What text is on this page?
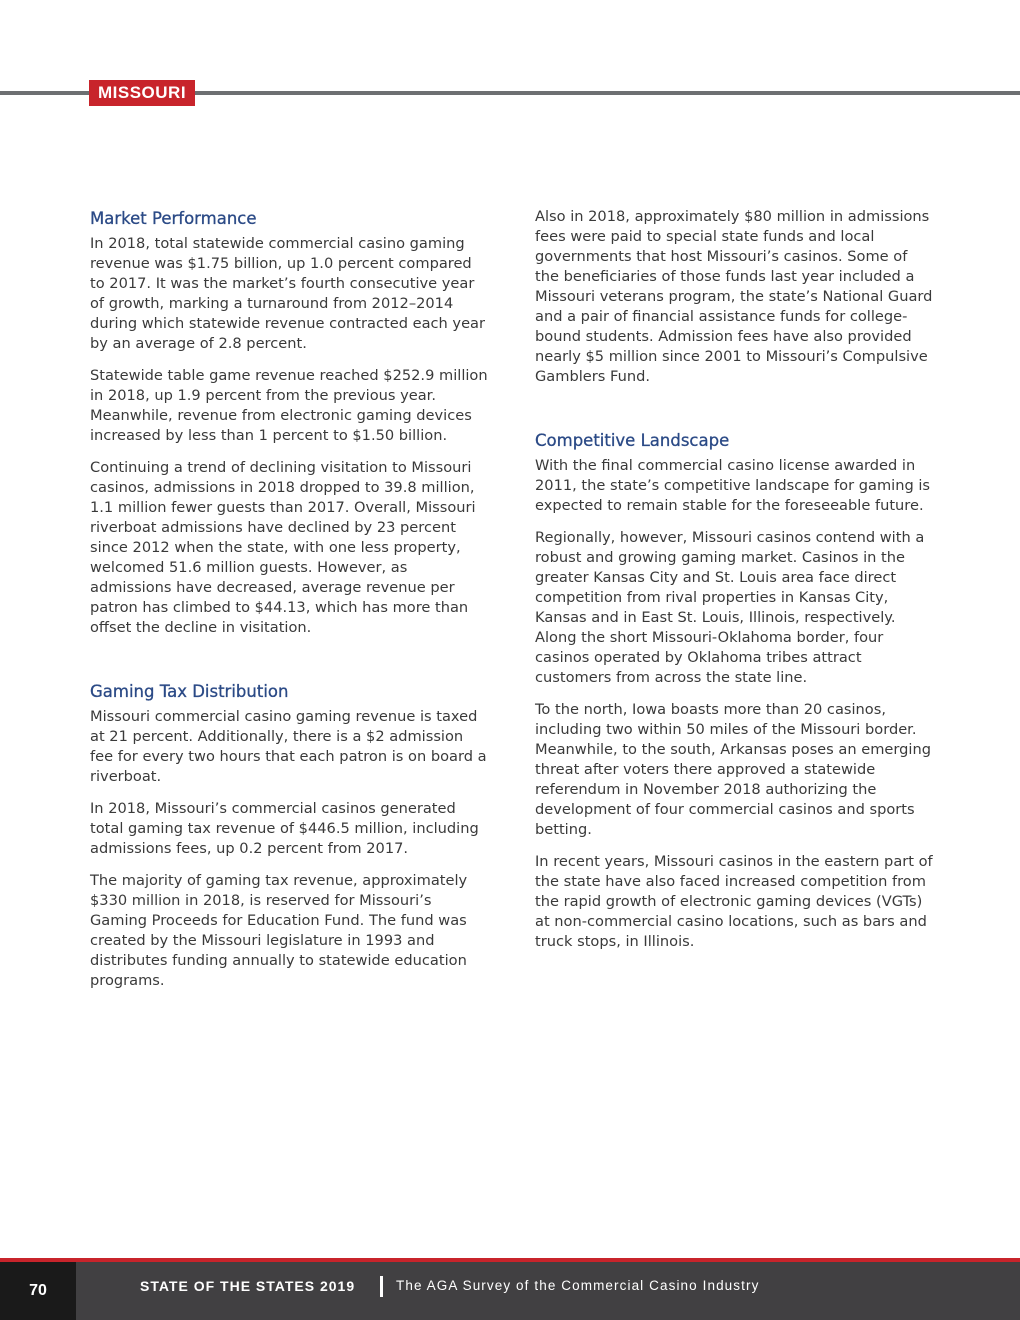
MISSOURI
Market Performance

In 2018, total statewide commercial casino gaming revenue was $1.75 billion, up 1.0 percent compared to 2017. It was the market’s fourth consecutive year of growth, marking a turnaround from 2012–2014 during which statewide revenue contracted each year by an average of 2.8 percent.

Statewide table game revenue reached $252.9 million in 2018, up 1.9 percent from the previous year. Meanwhile, revenue from electronic gaming devices increased by less than 1 percent to $1.50 billion.

Continuing a trend of declining visitation to Missouri casinos, admissions in 2018 dropped to 39.8 million, 1.1 million fewer guests than 2017. Overall, Missouri riverboat admissions have declined by 23 percent since 2012 when the state, with one less property, welcomed 51.6 million guests. However, as admissions have decreased, average revenue per patron has climbed to $44.13, which has more than offset the decline in visitation.

Gaming Tax Distribution

Missouri commercial casino gaming revenue is taxed at 21 percent. Additionally, there is a $2 admission fee for every two hours that each patron is on board a riverboat.

In 2018, Missouri’s commercial casinos generated total gaming tax revenue of $446.5 million, including admissions fees, up 0.2 percent from 2017.

The majority of gaming tax revenue, approximately $330 million in 2018, is reserved for Missouri’s Gaming Proceeds for Education Fund. The fund was created by the Missouri legislature in 1993 and distributes funding annually to statewide education programs.

Also in 2018, approximately $80 million in admissions fees were paid to special state funds and local governments that host Missouri’s casinos. Some of the beneficiaries of those funds last year included a Missouri veterans program, the state’s National Guard and a pair of financial assistance funds for college-bound students. Admission fees have also provided nearly $5 million since 2001 to Missouri’s Compulsive Gamblers Fund.

Competitive Landscape

With the final commercial casino license awarded in 2011, the state’s competitive landscape for gaming is expected to remain stable for the foreseeable future.

Regionally, however, Missouri casinos contend with a robust and growing gaming market. Casinos in the greater Kansas City and St. Louis area face direct competition from rival properties in Kansas City, Kansas and in East St. Louis, Illinois, respectively. Along the short Missouri-Oklahoma border, four casinos operated by Oklahoma tribes attract customers from across the state line.

To the north, Iowa boasts more than 20 casinos, including two within 50 miles of the Missouri border. Meanwhile, to the south, Arkansas poses an emerging threat after voters there approved a statewide referendum in November 2018 authorizing the development of four commercial casinos and sports betting.

In recent years, Missouri casinos in the eastern part of the state have also faced increased competition from the rapid growth of electronic gaming devices (VGTs) at non-commercial casino locations, such as bars and truck stops, in Illinois.

70	STATE OF THE STATES 2019	The AGA Survey of the Commercial Casino Industry
